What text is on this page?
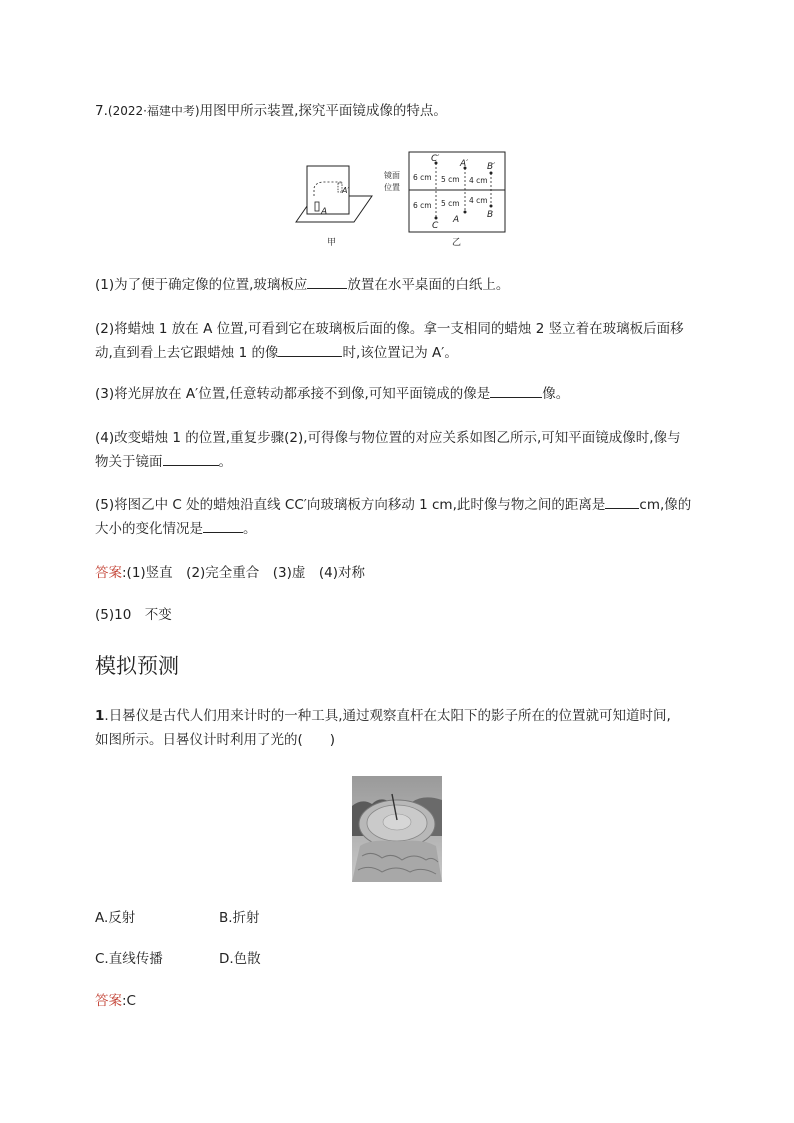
7.(2022·福建中考)用图甲所示装置,探究平面镜成像的特点。

A
A′
甲
镜面
位置
C′ A′ B′
C
A	B
6 cm 5 cm 4 cm
6 cm 5 cm 4 cm
乙

(1)为了便于确定像的位置,玻璃板应	放置在水平桌面的白纸上。

(2)将蜡烛 1 放在 A 位置,可看到它在玻璃板后面的像。拿一支相同的蜡烛 2 竖立着在玻璃板后面移

动,直到看上去它跟蜡烛 1 的像	时,该位置记为 A′。

(3)将光屏放在 A′位置,任意转动都承接不到像,可知平面镜成的像是	像。

(4)改变蜡烛 1 的位置,重复步骤(2),可得像与物位置的对应关系如图乙所示,可知平面镜成像时,像与

物关于镜面	。

(5)将图乙中 C 处的蜡烛沿直线 CC′向玻璃板方向移动 1 cm,此时像与物之间的距离是	cm,像的

大小的变化情况是	。

答案:(1)竖直　(2)完全重合　(3)虚　(4)对称

(5)10　不变

模拟预测

1.日晷仪是古代人们用来计时的一种工具,通过观察直杆在太阳下的影子所在的位置就可知道时间,

如图所示。日晷仪计时利用了光的(　　)

A.反射	B.折射

C.直线传播	D.色散

答案:C
